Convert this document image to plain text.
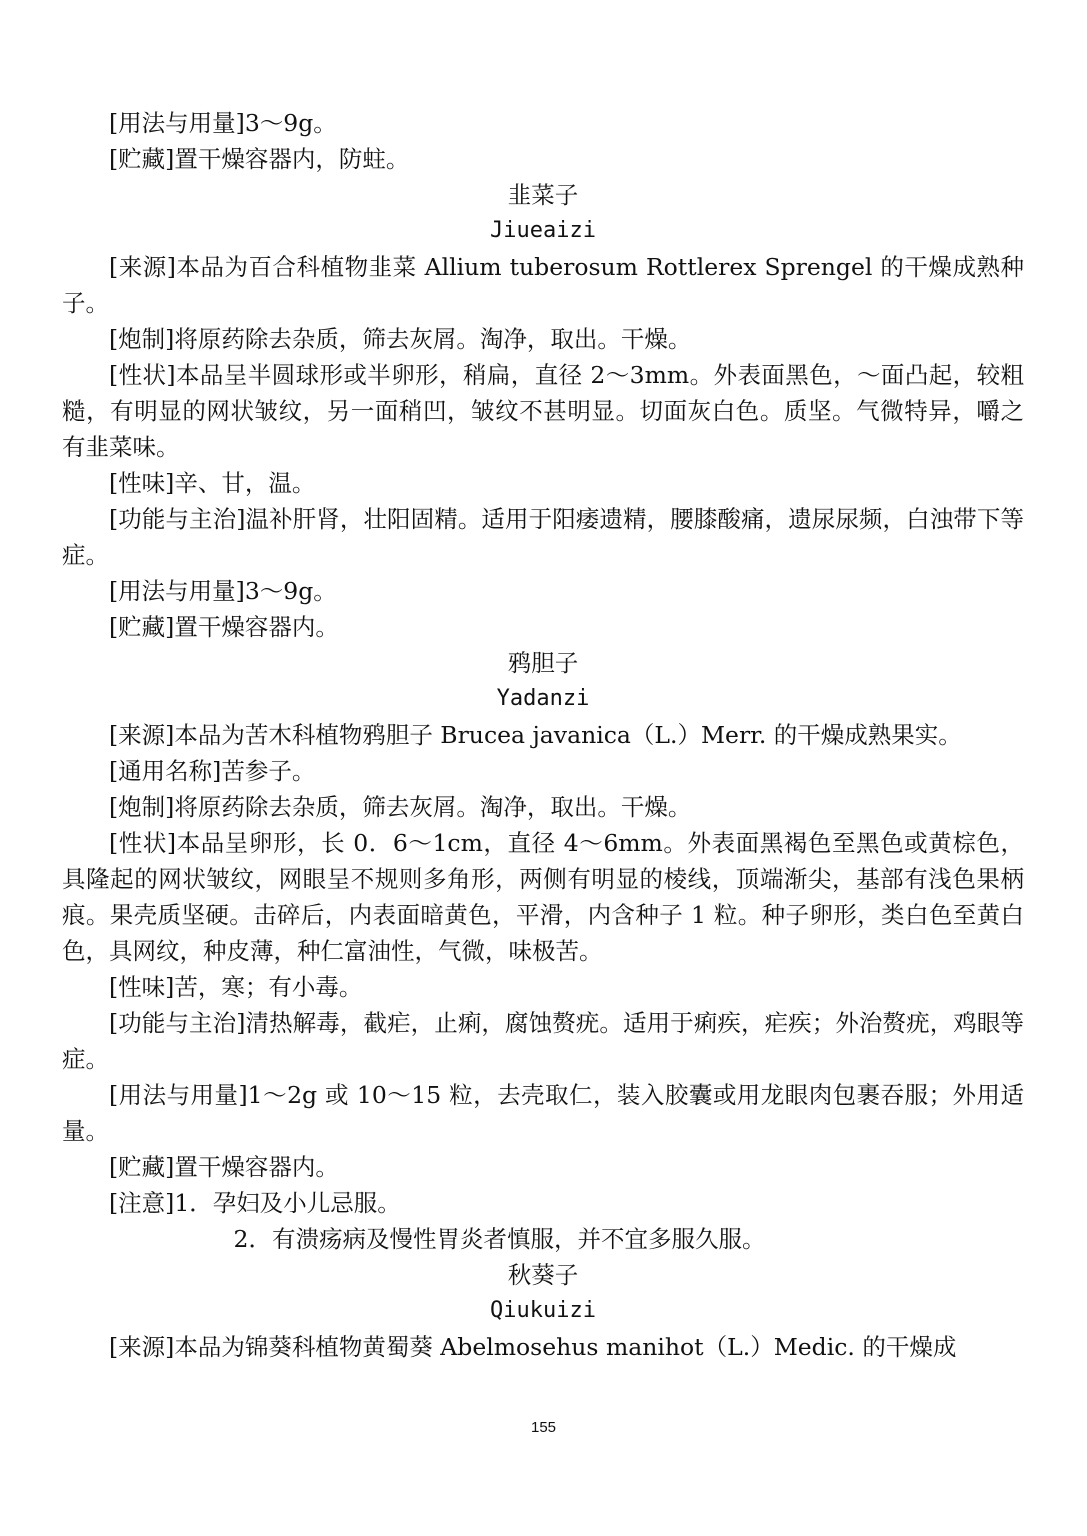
[用法与用量]3～9g。

[贮藏]置干燥容器内，防蛀。

韭菜子

Jiueaizi

[来源]本品为百合科植物韭菜 Allium tuberosum Rottlerex Sprengel 的干燥成熟种子。

[炮制]将原药除去杂质，筛去灰屑。淘净，取出。干燥。

[性状]本品呈半圆球形或半卵形，稍扁，直径 2～3mm。外表面黑色，～面凸起，较粗糙，有明显的网状皱纹，另一面稍凹，皱纹不甚明显。切面灰白色。质坚。气微特异，嚼之有韭菜味。

[性味]辛、甘，温。

[功能与主治]温补肝肾，壮阳固精。适用于阳痿遗精，腰膝酸痛，遗尿尿频，白浊带下等症。

[用法与用量]3～9g。

[贮藏]置干燥容器内。

鸦胆子

Yadanzi

[来源]本品为苦木科植物鸦胆子 Brucea javanica（L.）Merr. 的干燥成熟果实。

[通用名称]苦参子。

[炮制]将原药除去杂质，筛去灰屑。淘净，取出。干燥。

[性状]本品呈卵形，长 0．6～1cm，直径 4～6mm。外表面黑褐色至黑色或黄棕色，具隆起的网状皱纹，网眼呈不规则多角形，两侧有明显的棱线，顶端渐尖，基部有浅色果柄痕。果壳质坚硬。击碎后，内表面暗黄色，平滑，内含种子 1 粒。种子卵形，类白色至黄白色，具网纹，种皮薄，种仁富油性，气微，味极苦。

[性味]苦，寒；有小毒。

[功能与主治]清热解毒，截疟，止痢，腐蚀赘疣。适用于痢疾，疟疾；外治赘疣，鸡眼等症。

[用法与用量]1～2g 或 10～15 粒，去壳取仁，装入胶囊或用龙眼肉包裹吞服；外用适量。

[贮藏]置干燥容器内。

[注意]1．孕妇及小儿忌服。

2．有溃疡病及慢性胃炎者慎服，并不宜多服久服。

秋葵子

Qiukuizi

[来源]本品为锦葵科植物黄蜀葵 Abelmosehus manihot（L.）Medic. 的干燥成

155
